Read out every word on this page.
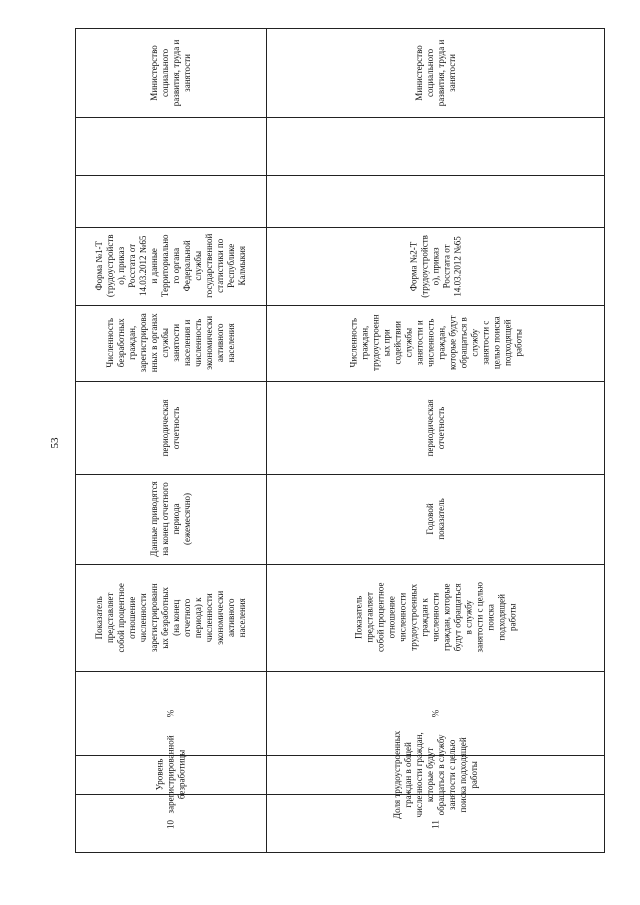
53
Министерство
социального
развития, труда и
занятости
Форма №1-Т
(трудоустройств
о), приказ
Росстата от
14.03.2012 №65
и данные
Территориально
го органа
Федеральной
службы
государственной
статистики по
Республике
Калмыкия
Численность
безработных
граждан,
зарегистрирова
нных в органах
службы
занятости
населения и
численность
экономически
активного
населения
периодическая
отчетность
Данные приводятся
на конец отчетного
периода
(ежемесячно)
Показатель
представляет
собой процентное
отношение
численности
зарегистрированн
ых безработных
(на конец
отчетного
периода) к
численности
экономически
активного
населения
%
Уровень
зарегистрированной
безработицы
10
Министерство
социального
развития, труда и
занятости
Форма №2-Т
(трудоустройств
о), приказ
Росстата от
14.03.2012 №65
Численность
граждан,
трудоустроенн
ых при
содействии
службы
занятости и
численность
граждан,
которые будут
обращаться в
службу
занятости с
целью поиска
подходящей
работы
периодическая
отчетность
Годовой
показатель
Показатель
представляет
собой процентное
отношение
численности
трудоустроенных
граждан к
численности
граждан, которые
будут обращаться
в службу
занятости с целью
поиска
подходящей
работы
%
Доля трудоустроенных
граждан в общей
численности граждан,
которые будут
обращаться в службу
занятости с целью
поиска подходящей
работы
11
